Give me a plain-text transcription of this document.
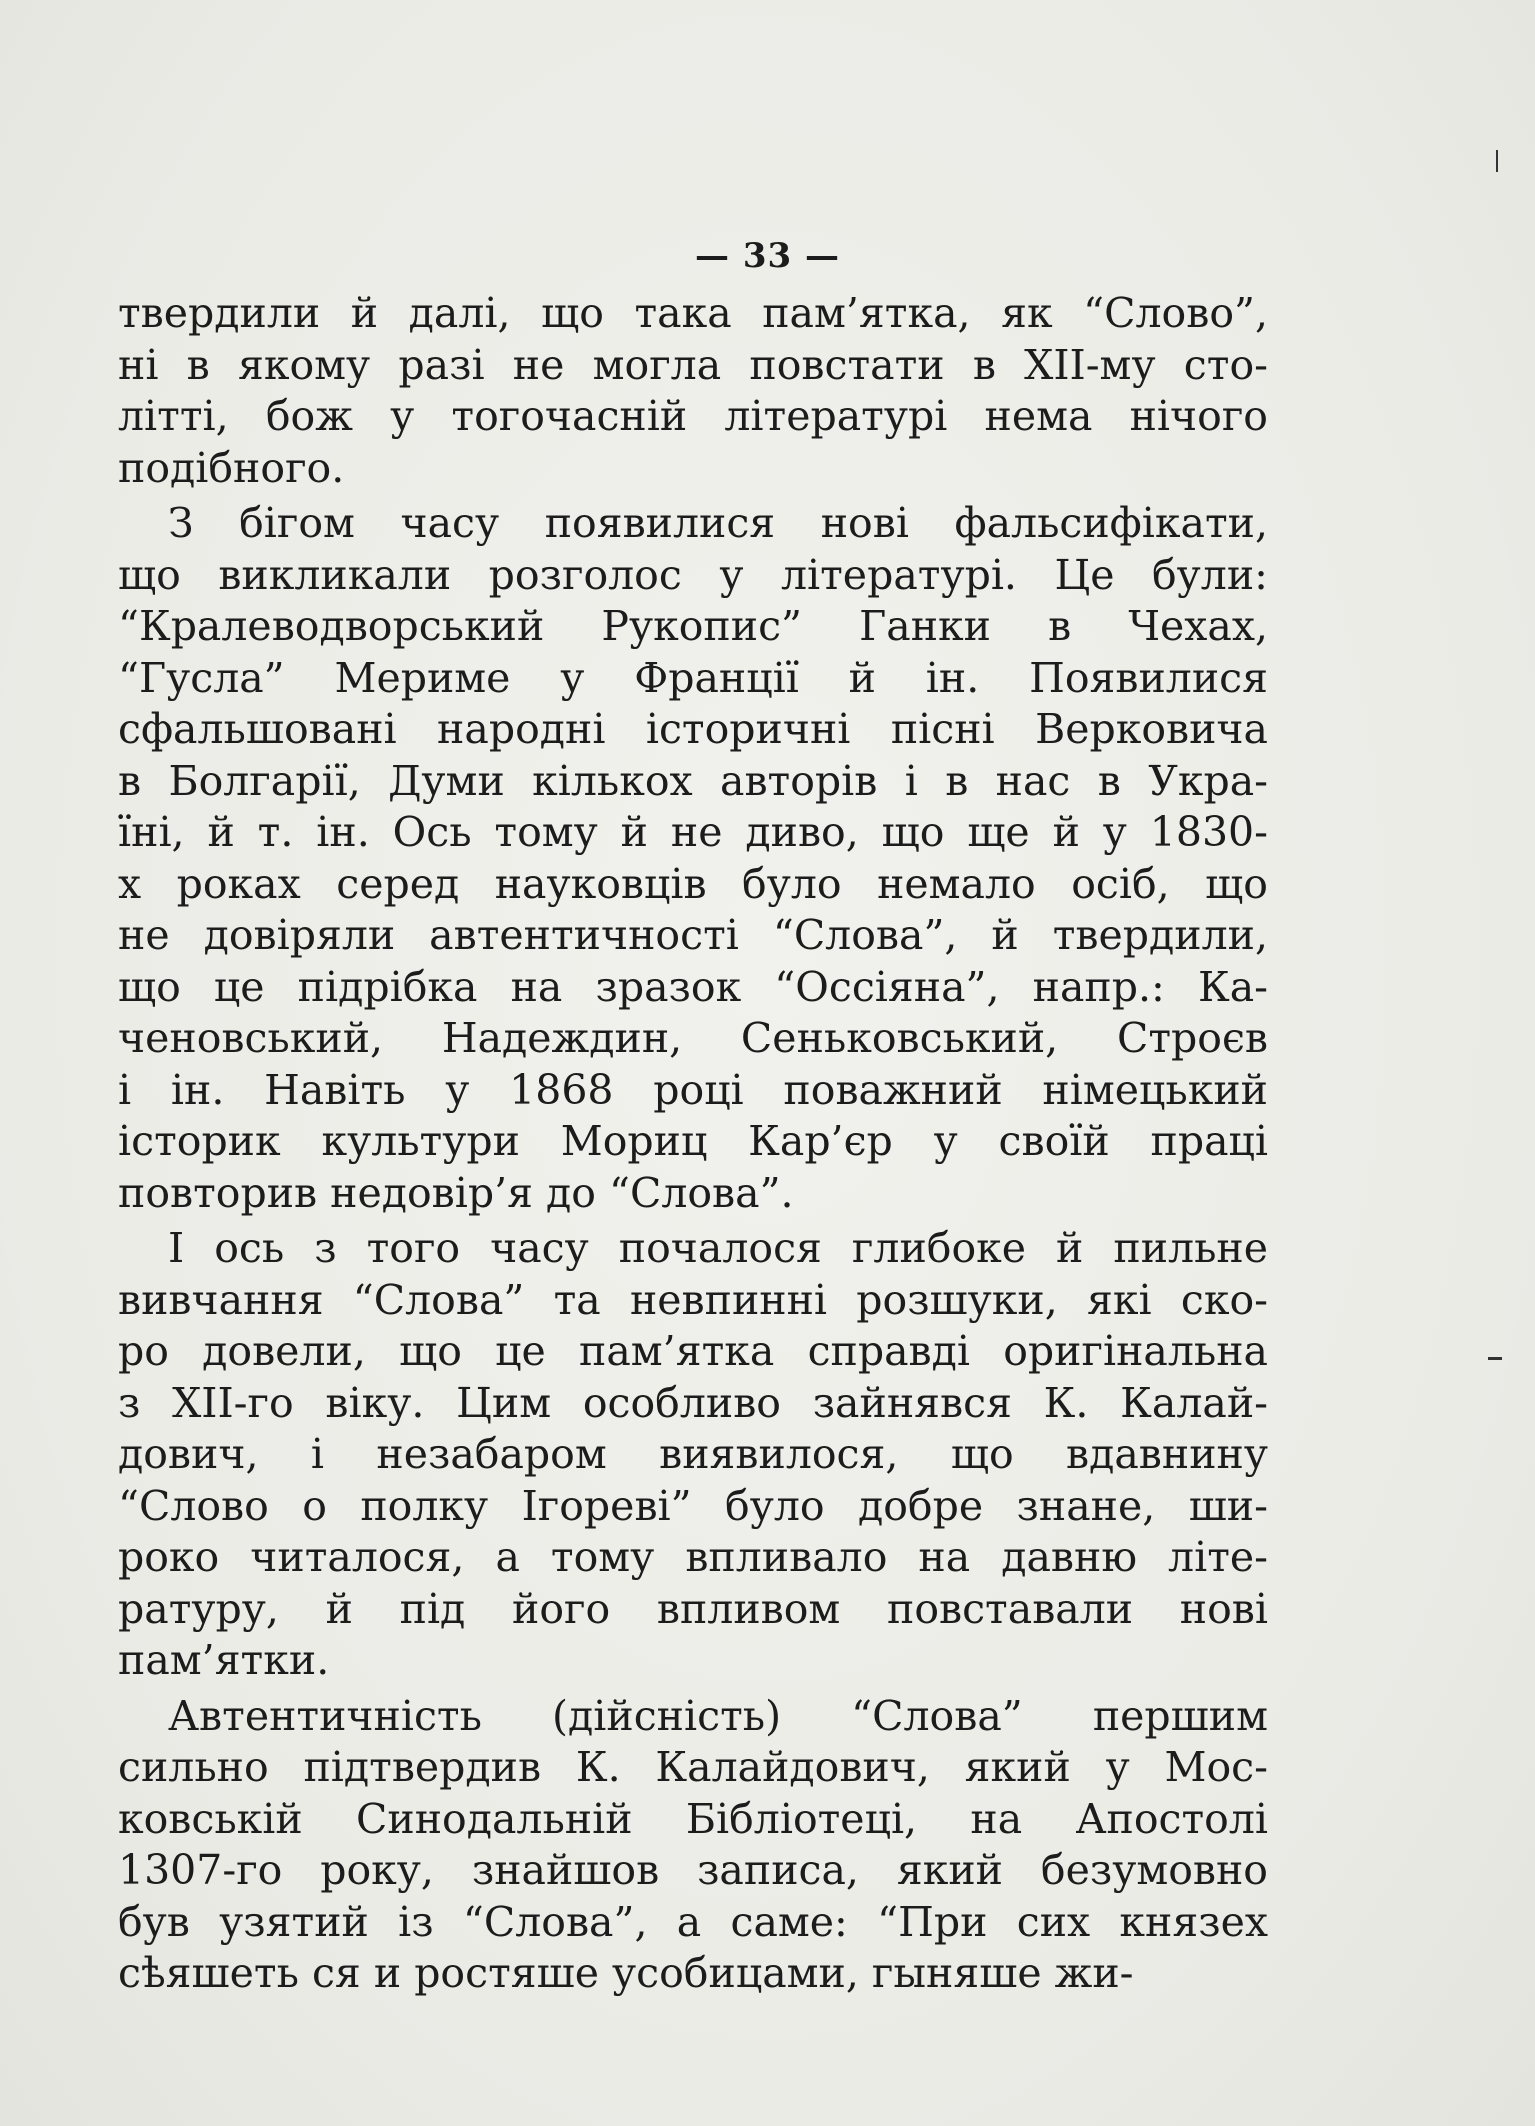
— 33 —
твердили й далі, що така пам’ятка, як “Слово”,
ні в якому разі не могла повстати в XII-му сто-
літті, бож у тогочасній літературі нема нічого
подібного.
З бігом часу появилися нові фальсифікати,
що викликали розголос у літературі. Це були:
“Кралеводворський Рукопис” Ганки в Чехах,
“Гусла” Мериме у Франції й ін. Появилися
сфальшовані народні історичні пісні Верковича
в Болгарії, Думи кількох авторів і в нас в Укра-
їні, й т. ін. Ось тому й не диво, що ще й у 1830-
х роках серед науковців було немало осіб, що
не довіряли автентичності “Слова”, й твердили,
що це підрібка на зразок “Оссіяна”, напр.: Ка-
ченовський, Надеждин, Сеньковський, Строєв
і ін. Навіть у 1868 році поважний німецький
історик культури Мориц Кар’єр у своїй праці
повторив недовір’я до “Слова”.
І ось з того часу почалося глибоке й пильне
вивчання “Слова” та невпинні розшуки, які ско-
ро довели, що це пам’ятка справді оригінальна
з XII-го віку. Цим особливо зайнявся К. Калай-
дович, і незабаром виявилося, що вдавнину
“Слово о полку Ігореві” було добре знане, ши-
роко читалося, а тому впливало на давню літе-
ратуру, й під його впливом повставали нові
пам’ятки.
Автентичність (дійсність) “Слова” першим
сильно підтвердив К. Калайдович, який у Мос-
ковській Синодальній Бібліотеці, на Апостолі
1307-го року, знайшов записа, який безумовно
був узятий із “Слова”, а саме: “При сих князех
сѣяшеть ся и ростяше усобицами, гыняше жи-
